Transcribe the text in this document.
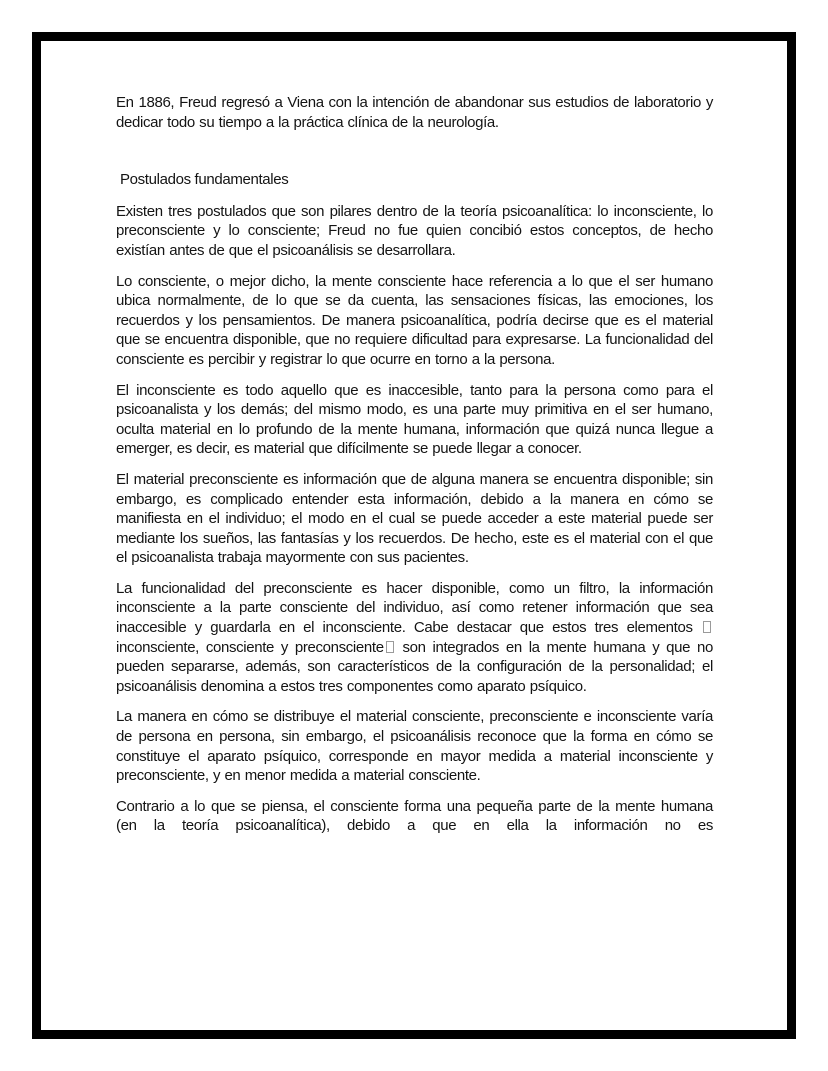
En 1886, Freud regresó a Viena con la intención de abandonar sus estudios de laboratorio y dedicar todo su tiempo a la práctica clínica de la neurología.

Postulados fundamentales

Existen tres postulados que son pilares dentro de la teoría psicoanalítica: lo inconsciente, lo preconsciente y lo consciente; Freud no fue quien concibió estos conceptos, de hecho existían antes de que el psicoanálisis se desarrollara.

Lo consciente, o mejor dicho, la mente consciente hace referencia a lo que el ser humano ubica normalmente, de lo que se da cuenta, las sensaciones físicas, las emociones, los recuerdos y los pensamientos. De manera psicoanalítica, podría decirse que es el material que se encuentra disponible, que no requiere dificultad para expresarse. La funcionalidad del consciente es percibir y registrar lo que ocurre en torno a la persona.

El inconsciente es todo aquello que es inaccesible, tanto para la persona como para el psicoanalista y los demás; del mismo modo, es una parte muy primitiva en el ser humano, oculta material en lo profundo de la mente humana, información que quizá nunca llegue a emerger, es decir, es material que difícilmente se puede llegar a conocer.

El material preconsciente es información que de alguna manera se encuentra disponible; sin embargo, es complicado entender esta información, debido a la manera en cómo se manifiesta en el individuo; el modo en el cual se puede acceder a este material puede ser mediante los sueños, las fantasías y los recuerdos. De hecho, este es el material con el que el psicoanalista trabaja mayormente con sus pacientes.

La funcionalidad del preconsciente es hacer disponible, como un filtro, la información inconsciente a la parte consciente del individuo, así como retener información que sea inaccesible y guardarla en el inconsciente. Cabe destacar que estos tres elementos inconsciente, consciente y preconsciente son integrados en la mente humana y que no pueden separarse, además, son característicos de la configuración de la personalidad; el psicoanálisis denomina a estos tres componentes como aparato psíquico.

La manera en cómo se distribuye el material consciente, preconsciente e inconsciente varía de persona en persona, sin embargo, el psicoanálisis reconoce que la forma en cómo se constituye el aparato psíquico, corresponde en mayor medida a material inconsciente y preconsciente, y en menor medida a material consciente.

Contrario a lo que se piensa, el consciente forma una pequeña parte de la mente humana (en la teoría psicoanalítica), debido a que en ella la información no es
